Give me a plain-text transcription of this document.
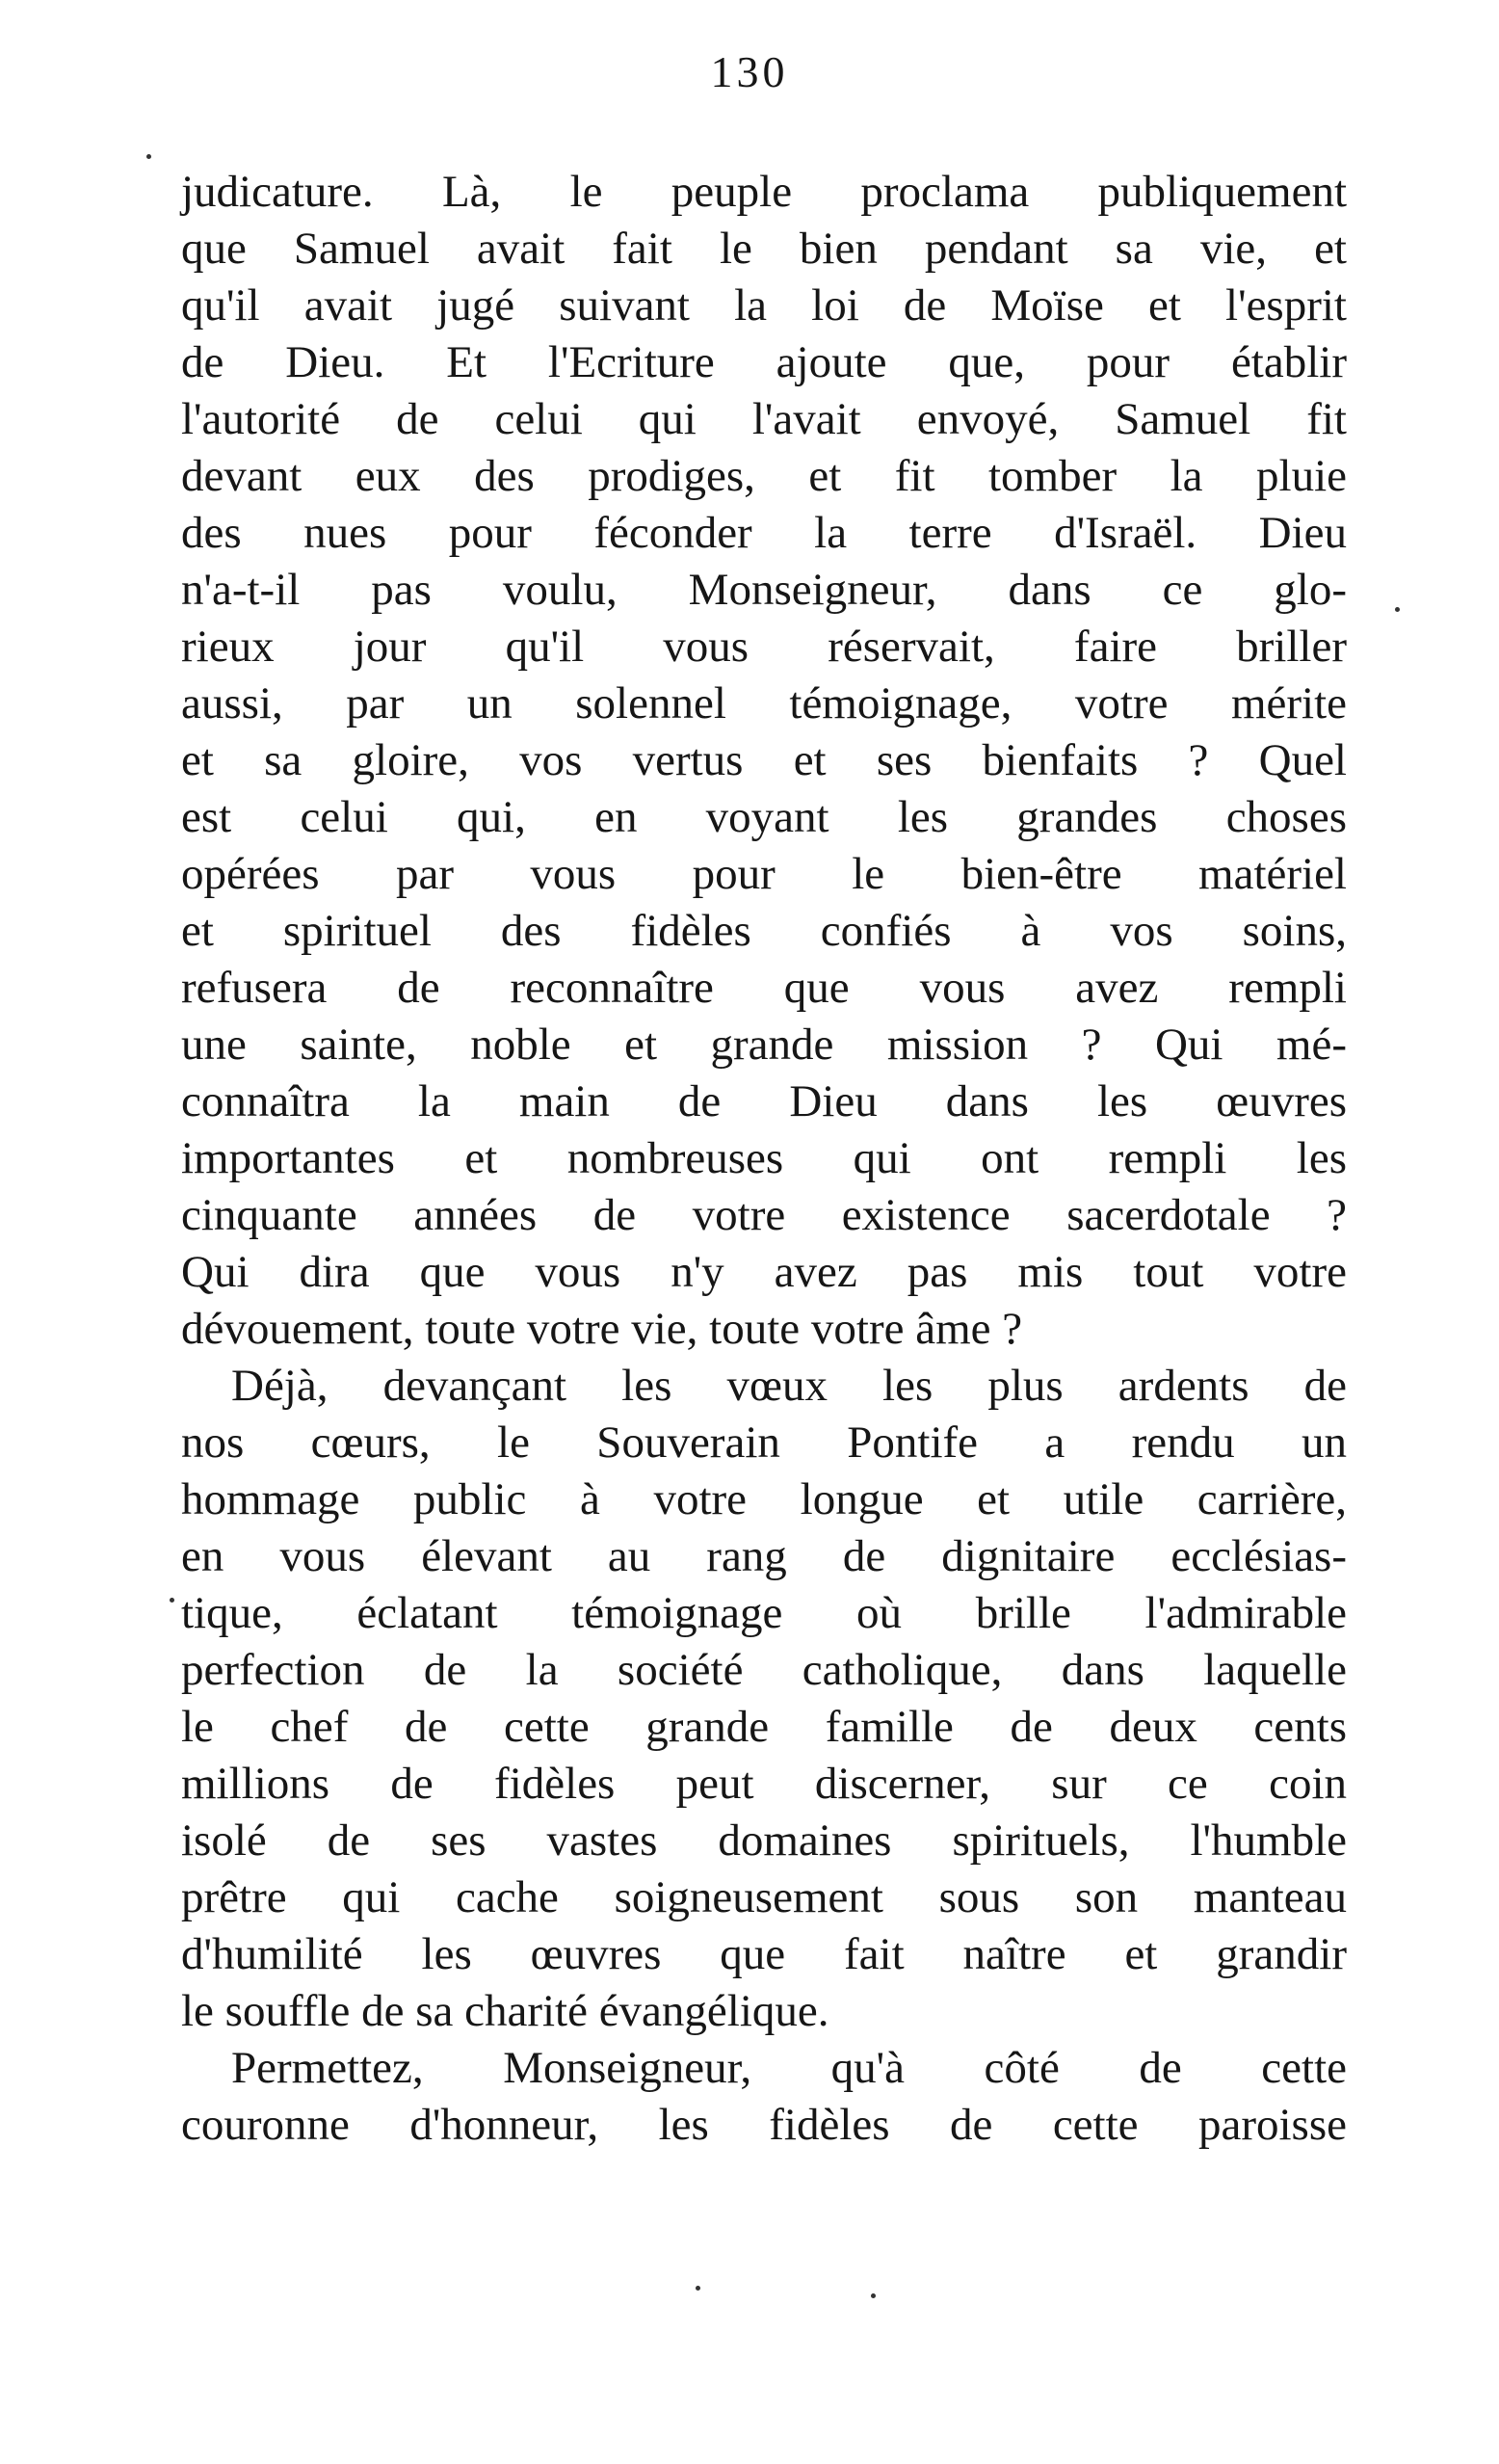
130
judicature. Là, le peuple proclama publiquement
que Samuel avait fait le bien pendant sa vie, et
qu'il avait jugé suivant la loi de Moïse et l'esprit
de Dieu. Et l'Ecriture ajoute que, pour établir
l'autorité de celui qui l'avait envoyé, Samuel fit
devant eux des prodiges, et fit tomber la pluie
des nues pour féconder la terre d'Israël. Dieu
n'a-t-il pas voulu, Monseigneur, dans ce glo-
rieux jour qu'il vous réservait, faire briller
aussi, par un solennel témoignage, votre mérite
et sa gloire, vos vertus et ses bienfaits ? Quel
est celui qui, en voyant les grandes choses
opérées par vous pour le bien-être matériel
et spirituel des fidèles confiés à vos soins,
refusera de reconnaître que vous avez rempli
une sainte, noble et grande mission ? Qui mé-
connaîtra la main de Dieu dans les œuvres
importantes et nombreuses qui ont rempli les
cinquante années de votre existence sacerdotale ?
Qui dira que vous n'y avez pas mis tout votre
dévouement, toute votre vie, toute votre âme ?
Déjà, devançant les vœux les plus ardents de
nos cœurs, le Souverain Pontife a rendu un
hommage public à votre longue et utile carrière,
en vous élevant au rang de dignitaire ecclésias-
tique, éclatant témoignage où brille l'admirable
perfection de la société catholique, dans laquelle
le chef de cette grande famille de deux cents
millions de fidèles peut discerner, sur ce coin
isolé de ses vastes domaines spirituels, l'humble
prêtre qui cache soigneusement sous son manteau
d'humilité les œuvres que fait naître et grandir
le souffle de sa charité évangélique.
Permettez, Monseigneur, qu'à côté de cette
couronne d'honneur, les fidèles de cette paroisse
